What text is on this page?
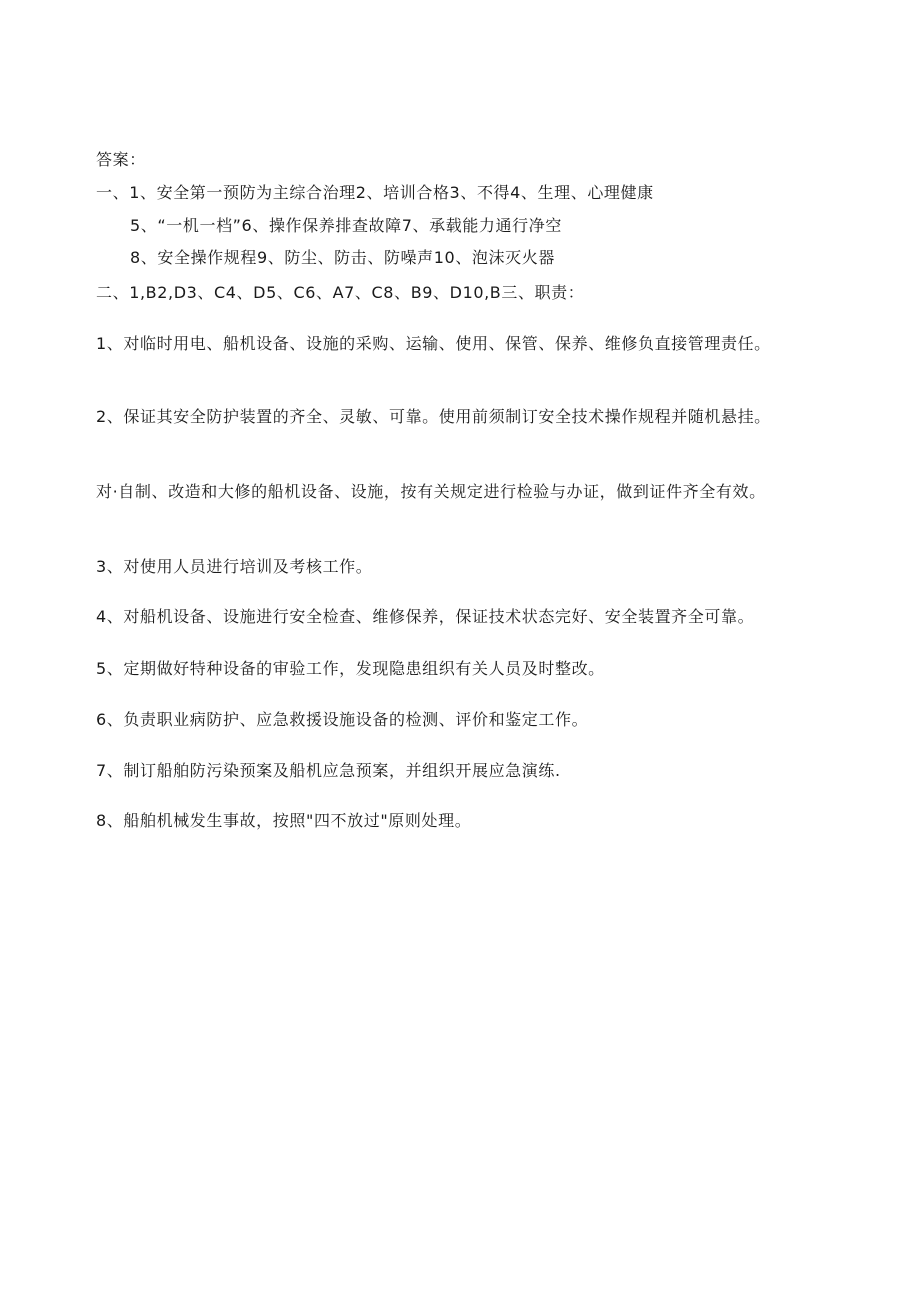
答案：
一、1、安全第一预防为主综合治理2、培训合格3、不得4、生理、心理健康
5、“一机一档”6、操作保养排查故障7、承载能力通行净空
8、安全操作规程9、防尘、防击、防噪声10、泡沫灭火器
二、1,B2,D3、C4、D5、C6、A7、C8、B9、D10,B三、职责：
1、对临时用电、船机设备、设施的采购、运输、使用、保管、保养、维修负直接管理责任。
2、保证其安全防护装置的齐全、灵敏、可靠。使用前须制订安全技术操作规程并随机悬挂。
对·自制、改造和大修的船机设备、设施，按有关规定进行检验与办证，做到证件齐全有效。
3、对使用人员进行培训及考核工作。
4、对船机设备、设施进行安全检查、维修保养，保证技术状态完好、安全装置齐全可靠。
5、定期做好特种设备的审验工作，发现隐患组织有关人员及时整改。
6、负责职业病防护、应急救援设施设备的检测、评价和鉴定工作。
7、制订船舶防污染预案及船机应急预案，并组织开展应急演练.
8、船舶机械发生事故，按照"四不放过"原则处理。
